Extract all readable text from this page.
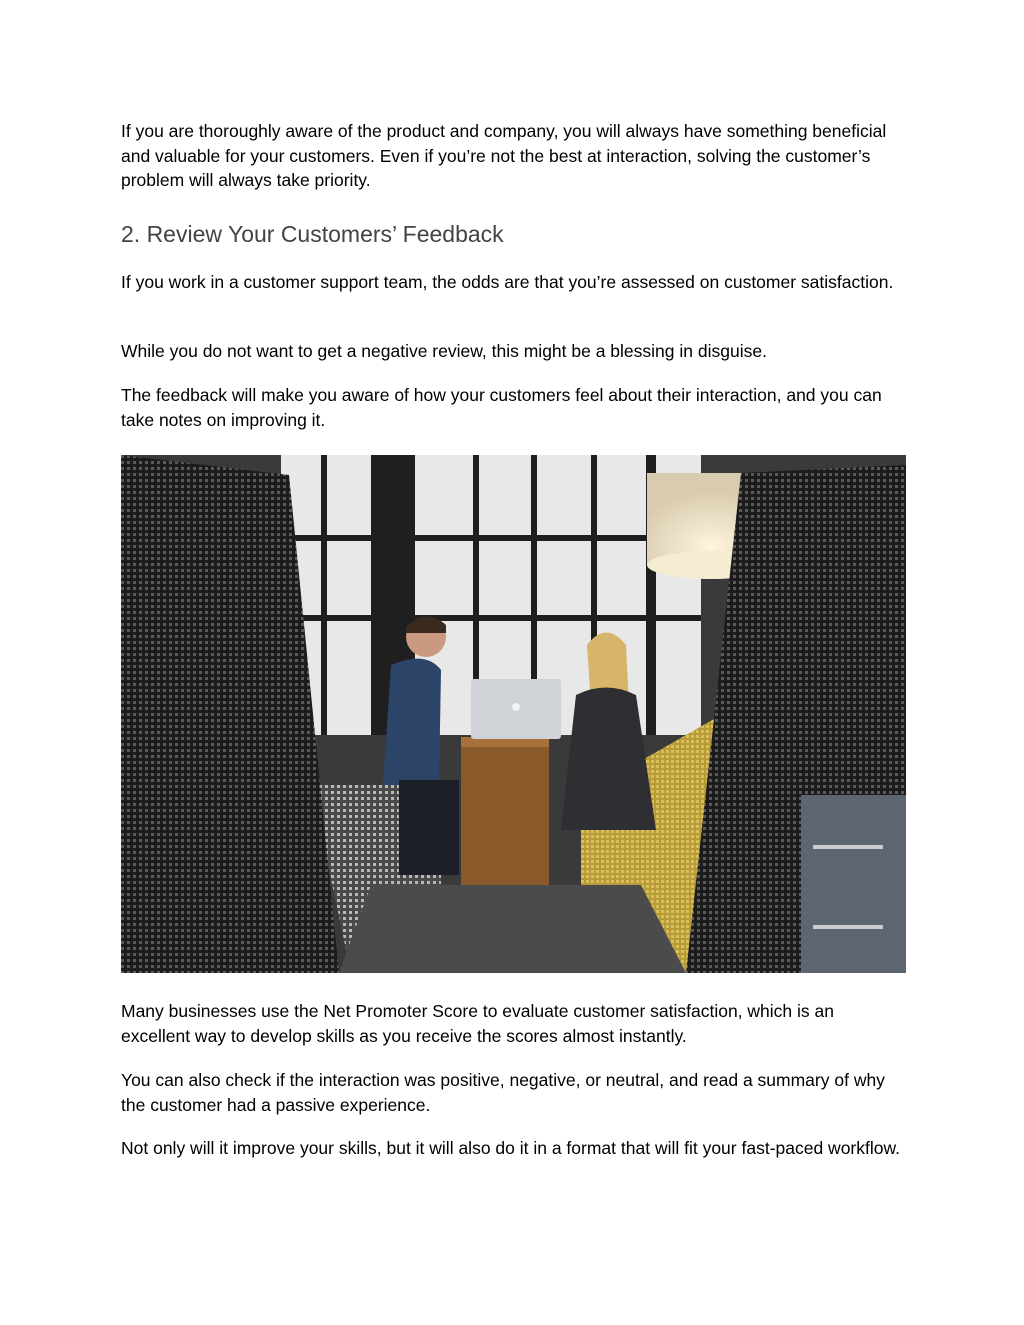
If you are thoroughly aware of the product and company, you will always have something beneficial and valuable for your customers. Even if you’re not the best at interaction, solving the customer’s problem will always take priority.

2. Review Your Customers’ Feedback

If you work in a customer support team, the odds are that you’re assessed on customer satisfaction.

While you do not want to get a negative review, this might be a blessing in disguise.

The feedback will make you aware of how your customers feel about their interaction, and you can take notes on improving it.

Many businesses use the Net Promoter Score to evaluate customer satisfaction, which is an excellent way to develop skills as you receive the scores almost instantly.

You can also check if the interaction was positive, negative, or neutral, and read a summary of why the customer had a passive experience.

Not only will it improve your skills, but it will also do it in a format that will fit your fast-paced workflow.
